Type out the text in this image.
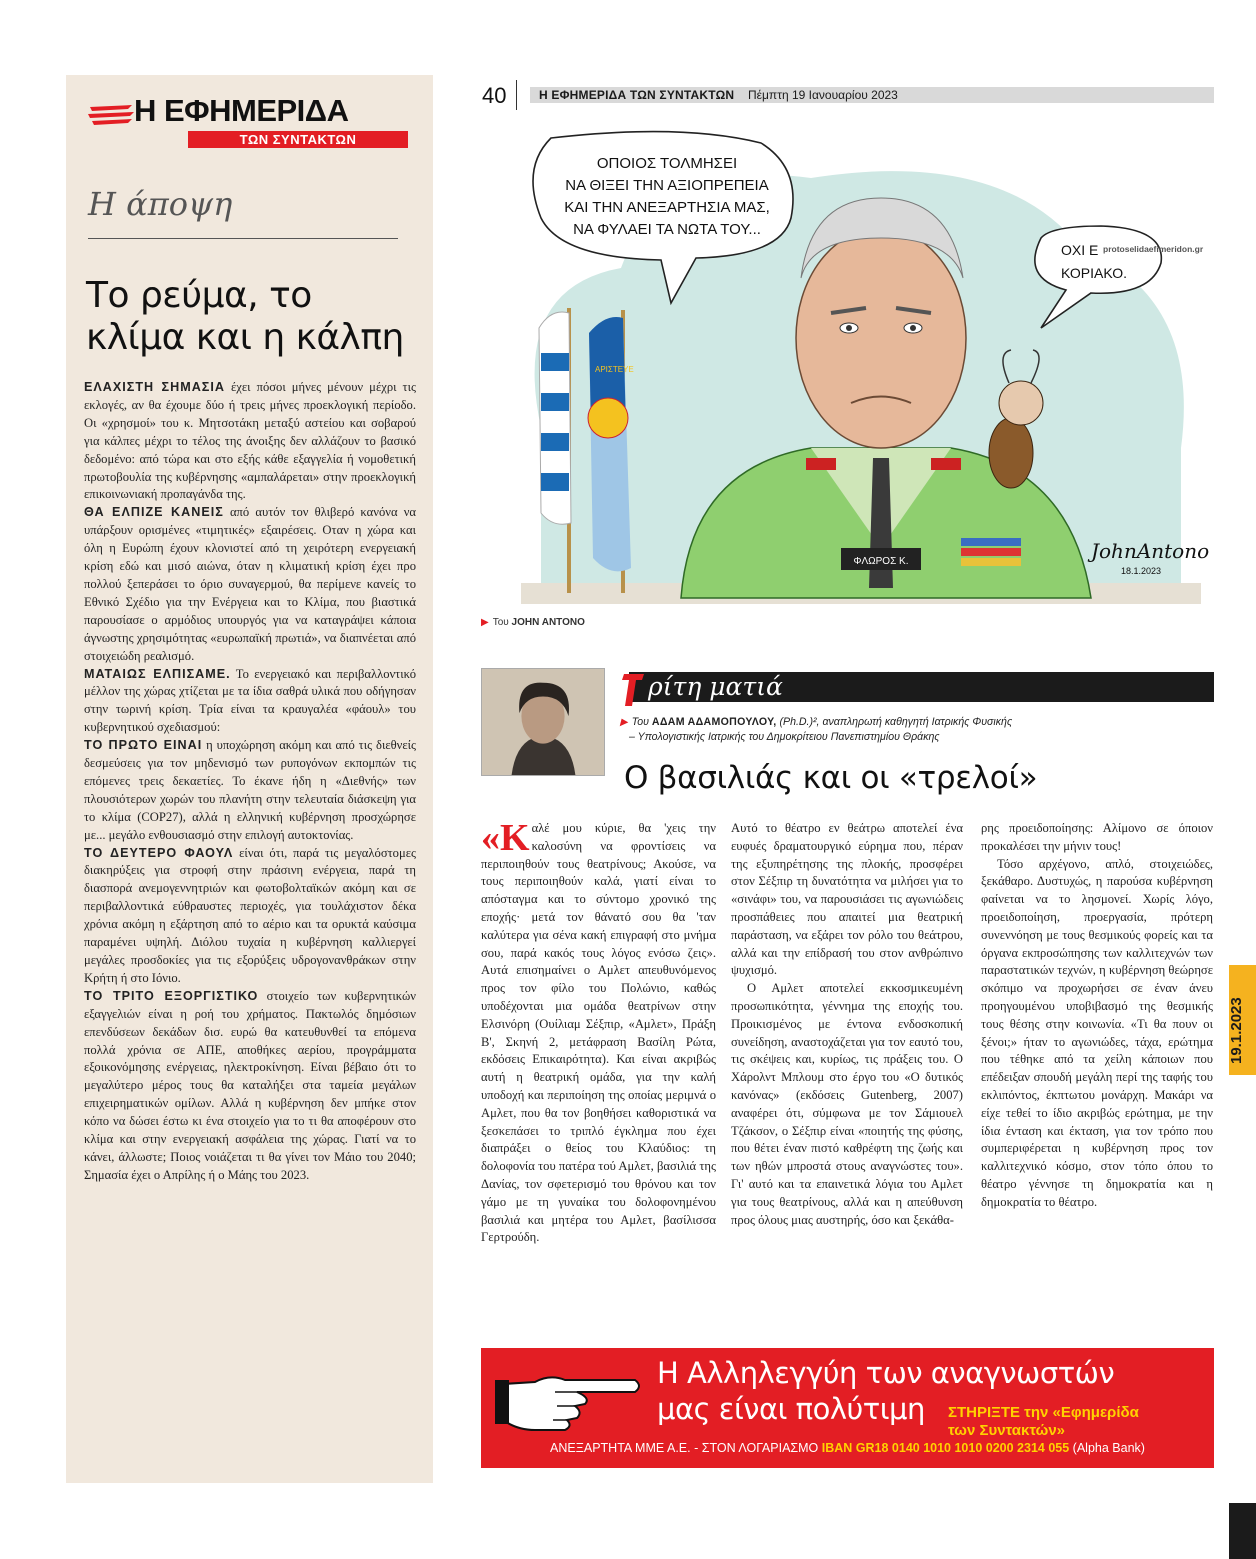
Η ΕΦΗΜΕΡΙΔΑ
ΤΩΝ ΣΥΝΤΑΚΤΩΝ
Η άποψη
Το ρεύμα, το κλίμα και η κάλπη

ΕΛΑΧΙΣΤΗ ΣΗΜΑΣΙΑ έχει πόσοι μήνες μένουν μέχρι τις εκλογές, αν θα έχουμε δύο ή τρεις μήνες προεκλογική περίοδο. Οι «χρησμοί» του κ. Μητσοτάκη μεταξύ αστείου και σοβαρού για κάλπες μέχρι το τέλος της άνοιξης δεν αλλάζουν το βασικό δεδομένο: από τώρα και στο εξής κάθε εξαγγελία ή νομοθετική πρωτοβουλία της κυβέρνησης «αμπαλάρεται» στην προεκλογική επικοινωνιακή προπαγάνδα της.

ΘΑ ΕΛΠΙΖΕ ΚΑΝΕΙΣ από αυτόν τον θλιβερό κανόνα να υπάρξουν ορισμένες «τιμητικές» εξαιρέσεις. Οταν η χώρα και όλη η Ευρώπη έχουν κλονιστεί από τη χειρότερη ενεργειακή κρίση εδώ και μισό αιώνα, όταν η κλιματική κρίση έχει προ πολλού ξεπεράσει το όριο συναγερμού, θα περίμενε κανείς το Εθνικό Σχέδιο για την Ενέργεια και το Κλίμα, που βιαστικά παρουσίασε ο αρμόδιος υπουργός για να καταγράψει κάποια άγνωστης χρησιμότητας «ευρωπαϊκή πρωτιά», να διαπνέεται από στοιχειώδη ρεαλισμό.

ΜΑΤΑΙΩΣ ΕΛΠΙΣΑΜΕ. Το ενεργειακό και περιβαλλοντικό μέλλον της χώρας χτίζεται με τα ίδια σαθρά υλικά που οδήγησαν στην τωρινή κρίση. Τρία είναι τα κραυγαλέα «φάουλ» του κυβερνητικού σχεδιασμού:

ΤΟ ΠΡΩΤΟ ΕΙΝΑΙ η υποχώρηση ακόμη και από τις διεθνείς δεσμεύσεις για τον μηδενισμό των ρυπογόνων εκπομπών τις επόμενες τρεις δεκαετίες. Το έκανε ήδη η «Διεθνής» των πλουσιότερων χωρών του πλανήτη στην τελευταία διάσκεψη για το κλίμα (COP27), αλλά η ελληνική κυβέρνηση προσχώρησε με... μεγάλο ενθουσιασμό στην επιλογή αυτοκτονίας.

ΤΟ ΔΕΥΤΕΡΟ ΦΑΟΥΛ είναι ότι, παρά τις μεγαλόστομες διακηρύξεις για στροφή στην πράσινη ενέργεια, παρά τη διασπορά ανεμογεννητριών και φωτοβολταϊκών ακόμη και σε περιβαλλοντικά εύθραυστες περιοχές, για τουλάχιστον δέκα χρόνια ακόμη η εξάρτηση από το αέριο και τα ορυκτά καύσιμα παραμένει υψηλή. Διόλου τυχαία η κυβέρνηση καλλιεργεί μεγάλες προσδοκίες για τις εξορύξεις υδρογονανθράκων στην Κρήτη ή στο Ιόνιο.

ΤΟ ΤΡΙΤΟ ΕΞΟΡΓΙΣΤΙΚΟ στοιχείο των κυβερνητικών εξαγγελιών είναι η ροή του χρήματος. Πακτωλός δημόσιων επενδύσεων δεκάδων δισ. ευρώ θα κατευθυνθεί τα επόμενα πολλά χρόνια σε ΑΠΕ, αποθήκες αερίου, προγράμματα εξοικονόμησης ενέργειας, ηλεκτροκίνηση. Είναι βέβαιο ότι το μεγαλύτερο μέρος τους θα καταλήξει στα ταμεία μεγάλων επιχειρηματικών ομίλων. Αλλά η κυβέρνηση δεν μπήκε στον κόπο να δώσει έστω κι ένα στοιχείο για το τι θα αποφέρουν στο κλίμα και στην ενεργειακή ασφάλεια της χώρας. Γιατί να το κάνει, άλλωστε; Ποιος νοιάζεται τι θα γίνει τον Μάιο του 2040; Σημασία έχει ο Απρίλης ή ο Μάης του 2023.

40	Η ΕΦΗΜΕΡΙΔΑ ΤΩΝ ΣΥΝΤΑΚΤΩΝ Πέμπτη 19 Ιανουαρίου 2023
ΟΠΟΙΟΣ ΤΟΛΜΗΣΕΙ
ΝΑ ΘΙΞΕΙ ΤΗΝ ΑΞΙΟΠΡΕΠΕΙΑ
ΚΑΙ ΤΗΝ ΑΝΕΞΑΡΤΗΣΙΑ ΜΑΣ,
ΝΑ ΦΥΛΑΕΙ ΤΑ ΝΩΤΑ ΤΟΥ...
ΟΧΙ Ε
ΚΟΡΙΑΚΟ.
protoselidaefimeridon.gr
ΑΡΙΣΤΕΥΕ
ΦΛΩΡΟΣ Κ.	JohnAntono
18.1.2023
▶ Του JOHN ANTONO
ρίτη ματιά
▶ Του ΑΔΑΜ ΑΔΑΜΟΠΟΥΛΟΥ, (Ph.D.)², αναπληρωτή καθηγητή Ιατρικής Φυσικής
– Υπολογιστικής Ιατρικής του Δημοκρίτειου Πανεπιστημίου Θράκης
Ο βασιλιάς και οι «τρελοί»

«Καλέ μου κύριε, θα 'χεις την καλοσύνη να φροντίσεις να περιποιηθούν τους θεατρίνους; Ακούσε, να τους περιποιηθούν καλά, γιατί είναι το απόσταγμα και το σύντομο χρονικό της εποχής· μετά τον θάνατό σου θα 'ταν καλύτερα για σένα κακή επιγραφή στο μνήμα σου, παρά κακός τους λόγος ενόσω ζεις». Αυτά επισημαίνει ο Αμλετ απευθυνόμενος προς τον φίλο του Πολώνιο, καθώς υποδέχονται μια ομάδα θεατρίνων στην Ελσινόρη (Ουίλιαμ Σέξπιρ, «Αμλετ», Πράξη Β', Σκηνή 2, μετάφραση Βασίλη Ρώτα, εκδόσεις Επικαιρότητα). Και είναι ακριβώς αυτή η θεατρική ομάδα, για την καλή υποδοχή και περιποίηση της οποίας μεριμνά ο Αμλετ, που θα τον βοηθήσει καθοριστικά να ξεσκεπάσει το τριπλό έγκλημα που έχει διαπράξει ο θείος του Κλαύδιος: τη δολοφονία του πατέρα τού Αμλετ, βασιλιά της Δανίας, τον σφετερισμό του θρόνου και τον γάμο με τη γυναίκα του δολοφονημένου βασιλιά και μητέρα του Αμλετ, βασίλισσα Γερτρούδη.

Αυτό το θέατρο εν θεάτρω αποτελεί ένα ευφυές δραματουργικό εύρημα που, πέραν της εξυπηρέτησης της πλοκής, προσφέρει στον Σέξπιρ τη δυνατότητα να μιλήσει για το «σινάφι» του, να παρουσιάσει τις αγωνιώδεις προσπάθειες που απαιτεί μια θεατρική παράσταση, να εξάρει τον ρόλο του θεάτρου, αλλά και την επίδρασή του στον ανθρώπινο ψυχισμό.

Ο Αμλετ αποτελεί εκκοσμικευμένη προσωπικότητα, γέννημα της εποχής του. Προικισμένος με έντονα ενδοσκοπική συνείδηση, αναστοχάζεται για τον εαυτό του, τις σκέψεις και, κυρίως, τις πράξεις του. Ο Χάρολντ Μπλουμ στο έργο του «Ο δυτικός κανόνας» (εκδόσεις Gutenberg, 2007) αναφέρει ότι, σύμφωνα με τον Σάμιουελ Τζάκσον, ο Σέξπιρ είναι «ποιητής της φύσης, που θέτει έναν πιστό καθρέφτη της ζωής και των ηθών μπροστά στους αναγνώστες του». Γι' αυτό και τα επαινετικά λόγια του Αμλετ για τους θεατρίνους, αλλά και η απεύθυνση προς όλους μιας αυστηρής, όσο και ξεκάθα-

ρης προειδοποίησης: Αλίμονο σε όποιον προκαλέσει την μήνιν τους!

Τόσο αρχέγονο, απλό, στοιχειώδες, ξεκάθαρο. Δυστυχώς, η παρούσα κυβέρνηση φαίνεται να το λησμονεί. Χωρίς λόγο, προειδοποίηση, προεργασία, πρότερη συνεννόηση με τους θεσμικούς φορείς και τα όργανα εκπροσώπησης των καλλιτεχνών των παραστατικών τεχνών, η κυβέρνηση θεώρησε σκόπιμο να προχωρήσει σε έναν άνευ προηγουμένου υποβιβασμό της θεσμικής τους θέσης στην κοινωνία. «Τι θα πουν οι ξένοι;» ήταν το αγωνιώδες, τάχα, ερώτημα που τέθηκε από τα χείλη κάποιων που επέδειξαν σπουδή μεγάλη περί της ταφής του εκλιπόντος, έκπτωτου μονάρχη. Μακάρι να είχε τεθεί το ίδιο ακριβώς ερώτημα, με την ίδια ένταση και έκταση, για τον τρόπο που συμπεριφέρεται η κυβέρνηση προς τον καλλιτεχνικό κόσμο, στον τόπο όπου το θέατρο γέννησε τη δημοκρατία και η δημοκρατία το θέατρο.

Η Αλληλεγγύη των αναγνωστών
μας είναι πολύτιμη ΣΤΗΡΙΞΤΕ την «Εφημερίδα
των Συντακτών»
ΑΝΕΞΑΡΤΗΤΑ ΜΜΕ Α.Ε. - ΣΤΟΝ ΛΟΓΑΡΙΑΣΜΟ IBAN GR18 0140 1010 1010 0200 2314 055 (Alpha Bank)
19.1.2023
